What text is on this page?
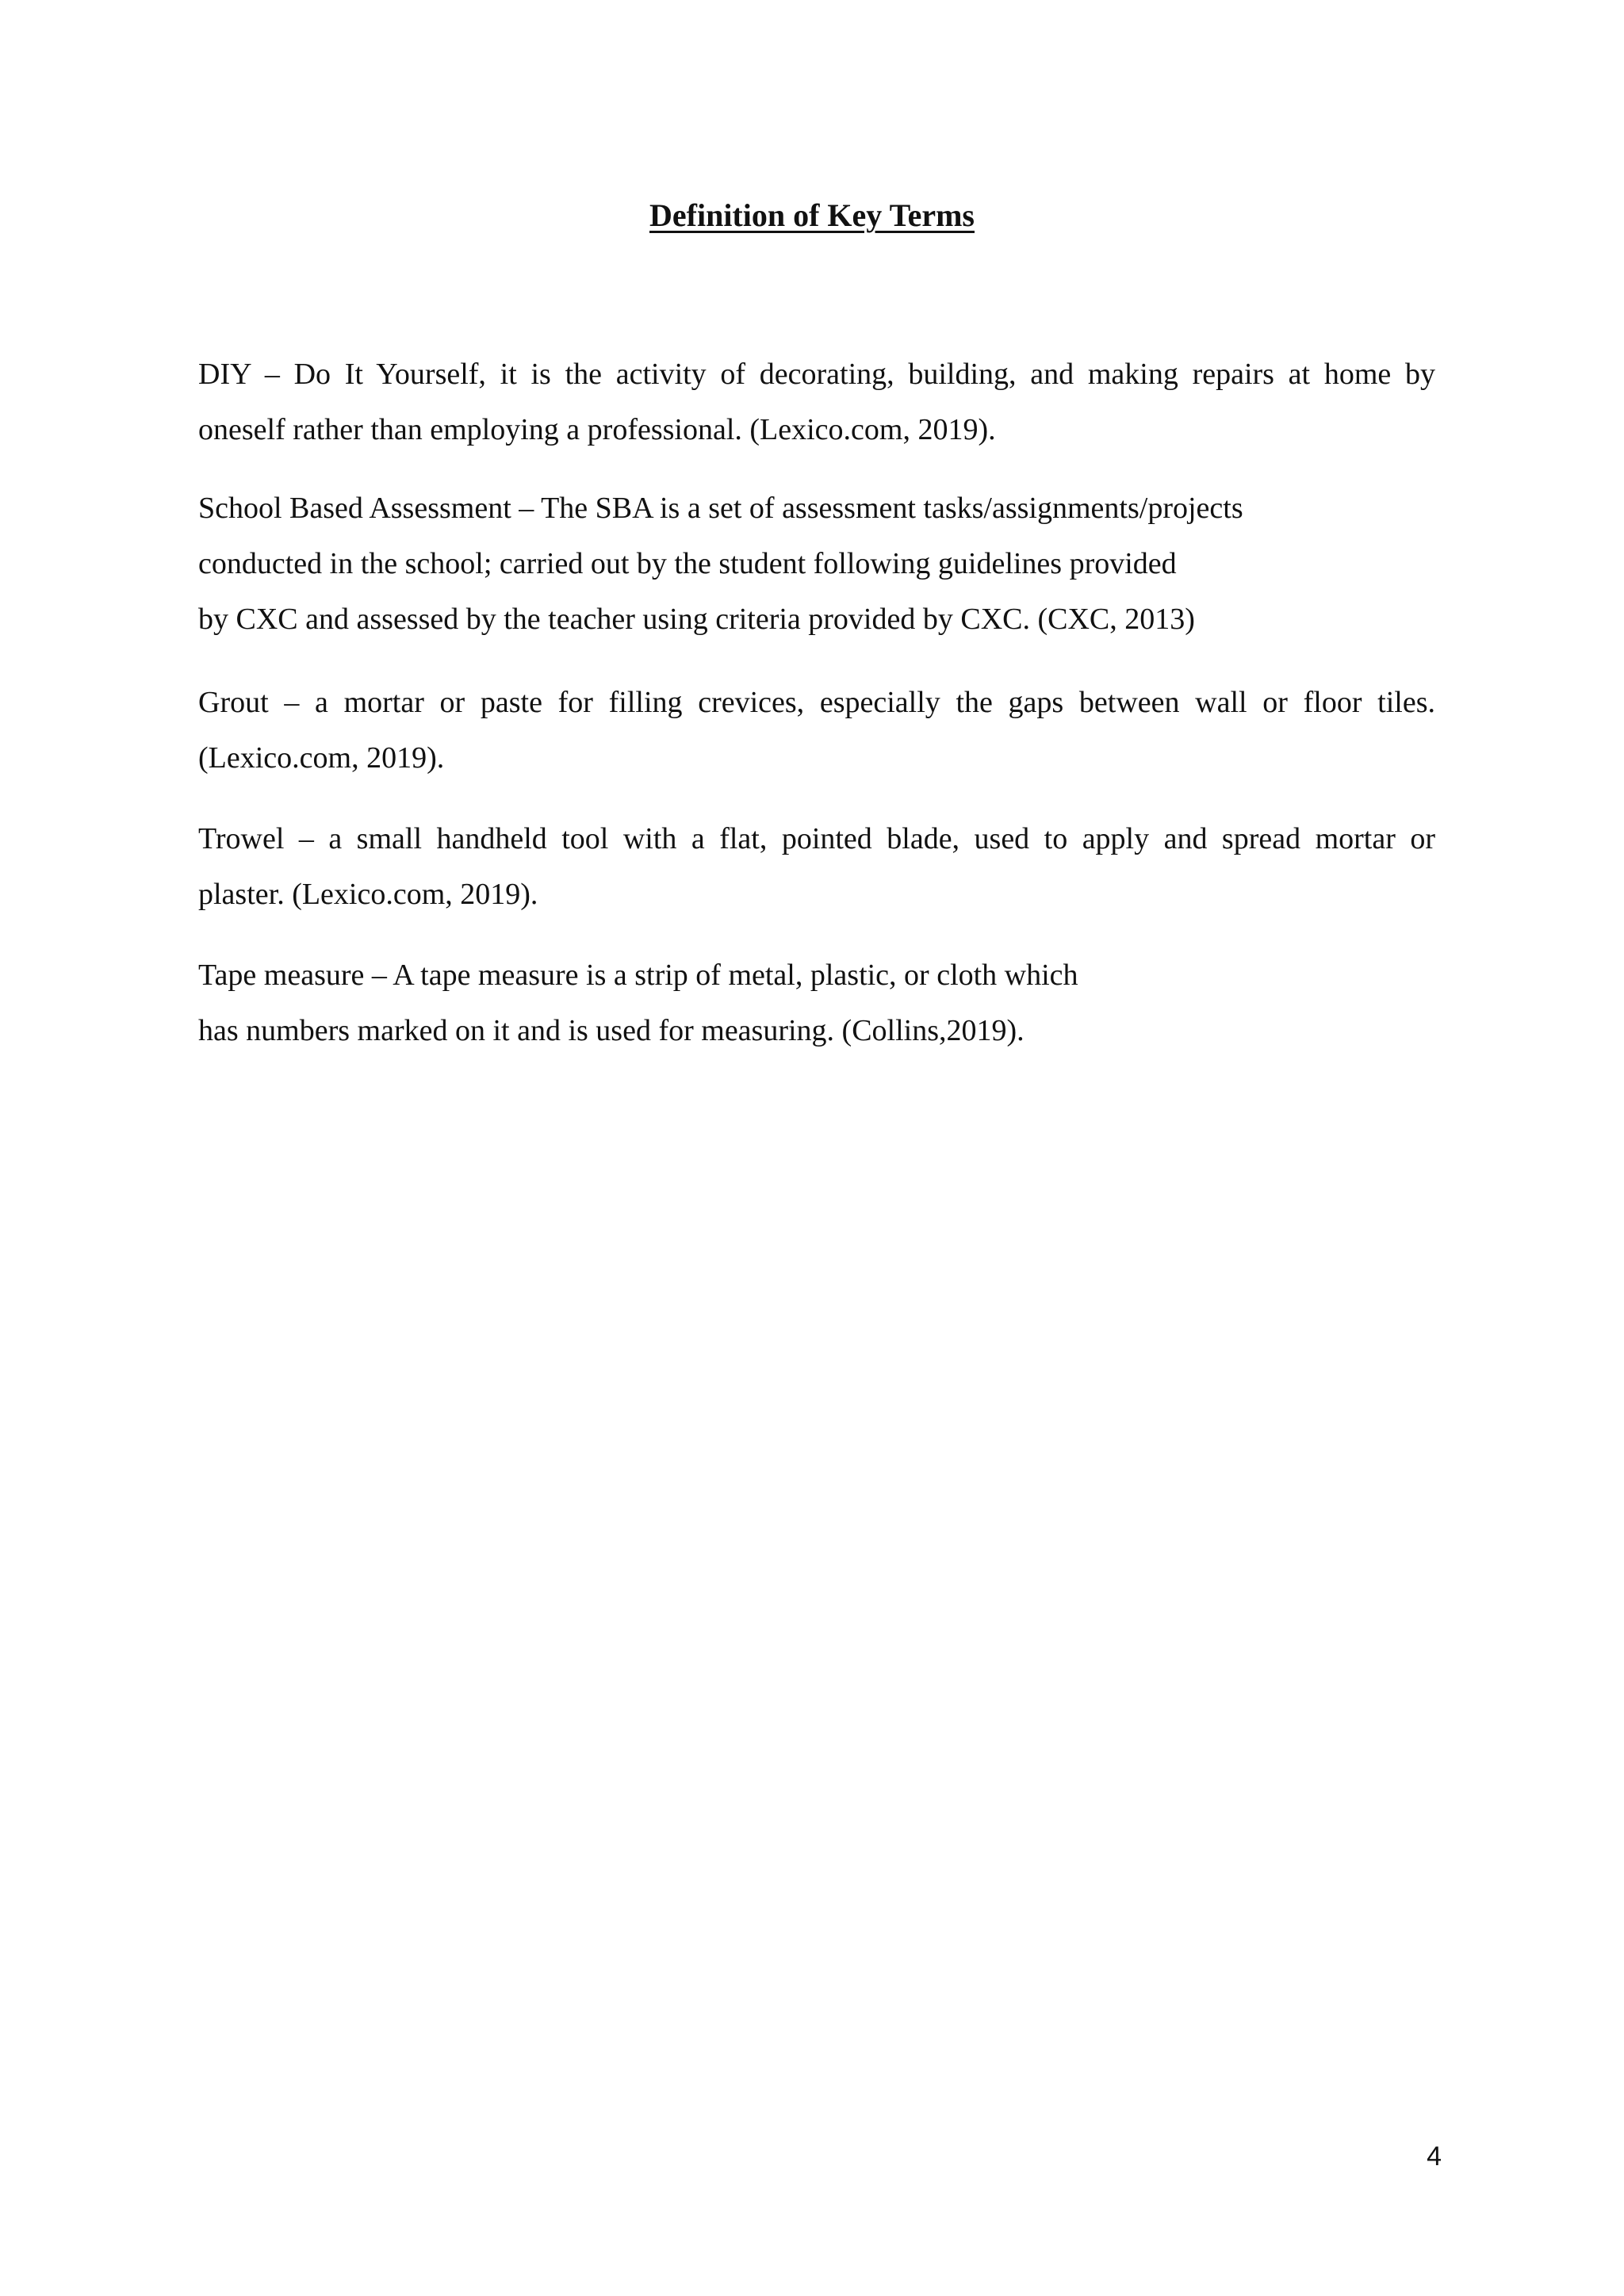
Definition of Key Terms

DIY – Do It Yourself, it is the activity of decorating, building, and making repairs at home by
oneself rather than employing a professional. (Lexico.com, 2019).

School Based Assessment – The SBA is a set of assessment tasks/assignments/projects
conducted in the school; carried out by the student following guidelines provided
by CXC and assessed by the teacher using criteria provided by CXC. (CXC, 2013)

Grout – a mortar or paste for filling crevices, especially the gaps between wall or floor tiles.
(Lexico.com, 2019).

Trowel – a small handheld tool with a flat, pointed blade, used to apply and spread mortar or
plaster. (Lexico.com, 2019).

Tape measure – A tape measure is a strip of metal, plastic, or cloth which
has numbers marked on it and is used for measuring. (Collins,2019).

4
